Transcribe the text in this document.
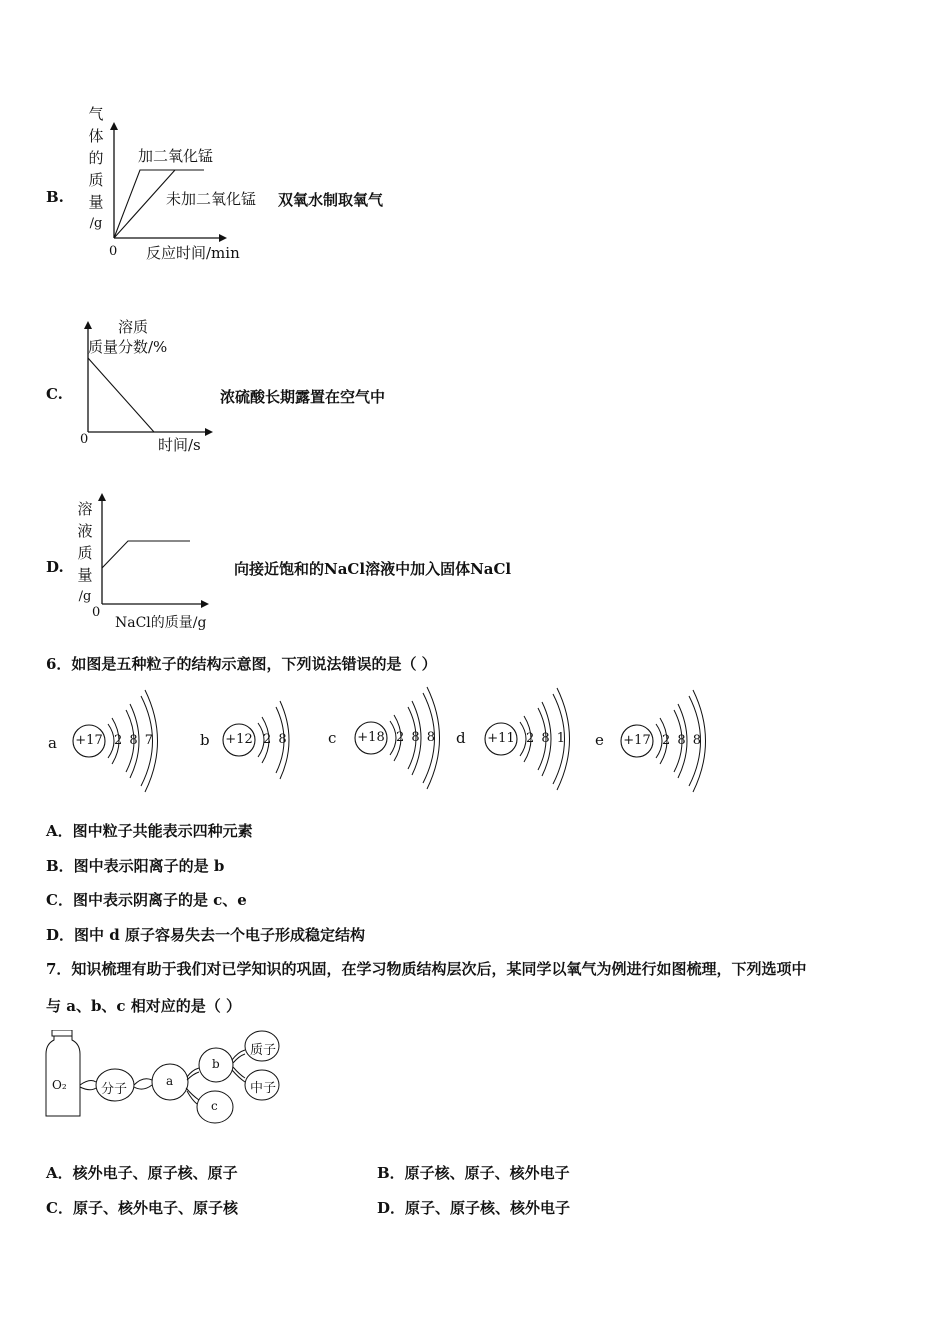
B.
气
体
的
质
量
/g
0 反应时间/min
加二氧化锰
未加二氧化锰 双氧水制取氧气
C.
溶质
质量分数/%
0	时间/s
浓硫酸长期露置在空气中
D.
溶
液
质
量
/g
0
NaCl的质量/g
向接近饱和的NaCl溶液中加入固体NaCl
6．如图是五种粒子的结构示意图，下列说法错误的是（ ）
a +17 2 8 7	b +12 2 8	c +18 2 8 8 d +11 2 8 1 e +17 2 8 8
A．图中粒子共能表示四种元素
B．图中表示阳离子的是 b
C．图中表示阴离子的是 c、e
D．图中 d 原子容易失去一个电子形成稳定结构
7．知识梳理有助于我们对已学知识的巩固，在学习物质结构层次后，某同学以氧气为例进行如图梳理，下列选项中
与 a、b、c 相对应的是（ ）
O₂	分子
a
b
c
质子
中子
A．核外电子、原子核、原子	B．原子核、原子、核外电子
C．原子、核外电子、原子核	D．原子、原子核、核外电子
